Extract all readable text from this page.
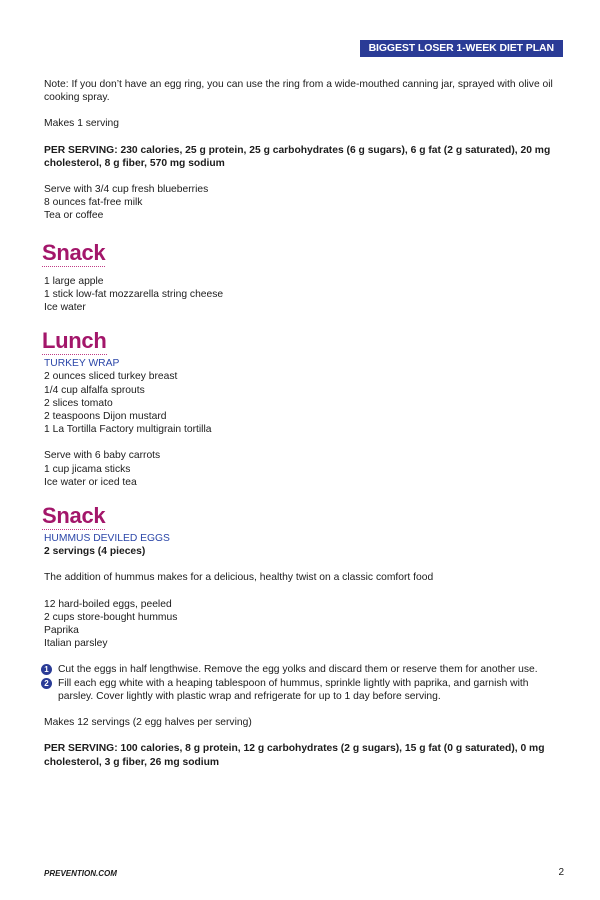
BIGGEST LOSER 1-WEEK DIET PLAN

Note: If you don’t have an egg ring, you can use the ring from a wide-mouthed canning jar, sprayed with olive oil cooking spray.

Makes 1 serving

PER SERVING: 230 calories, 25 g protein, 25 g carbohydrates (6 g sugars), 6 g fat (2 g saturated), 20 mg cholesterol, 8 g fiber, 570 mg sodium

Serve with 3/4 cup fresh blueberries

8 ounces fat-free milk

Tea or coffee

Snack

1 large apple

1 stick low-fat mozzarella string cheese

Ice water

Lunch

TURKEY WRAP

2 ounces sliced turkey breast

1/4 cup alfalfa sprouts

2 slices tomato

2 teaspoons Dijon mustard

1 La Tortilla Factory multigrain tortilla

Serve with 6 baby carrots

1 cup jicama sticks

Ice water or iced tea

Snack

HUMMUS DEVILED EGGS

2 servings (4 pieces)

The addition of hummus makes for a delicious, healthy twist on a classic comfort food

12 hard-boiled eggs, peeled

2 cups store-bought hummus

Paprika

Italian parsley

1 Cut the eggs in half lengthwise. Remove the egg yolks and discard them or reserve them for another use.
2 Fill each egg white with a heaping tablespoon of hummus, sprinkle lightly with paprika, and garnish with parsley. Cover lightly with plastic wrap and refrigerate for up to 1 day before serving.

Makes 12 servings (2 egg halves per serving)

PER SERVING: 100 calories, 8 g protein, 12 g carbohydrates (2 g sugars), 15 g fat (0 g saturated), 0 mg cholesterol, 3 g fiber, 26 mg sodium

PREVENTION.COM	2
